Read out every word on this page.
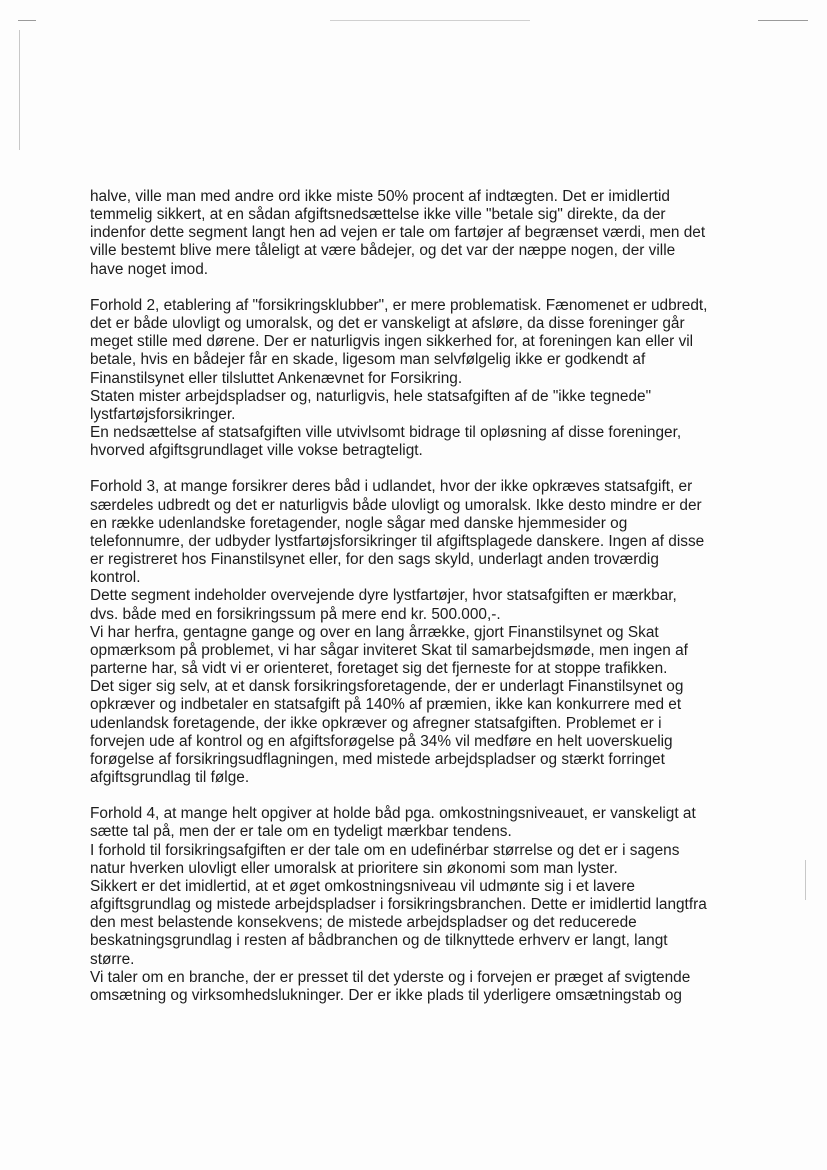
halve, ville man med andre ord ikke miste 50% procent af indtægten. Det er imidlertid
temmelig sikkert, at en sådan afgiftsnedsættelse ikke ville "betale sig" direkte, da der
indenfor dette segment langt hen ad vejen er tale om fartøjer af begrænset værdi, men det
ville bestemt blive mere tåleligt at være bådejer, og det var der næppe nogen, der ville
have noget imod.

Forhold 2, etablering af "forsikringsklubber", er mere problematisk. Fænomenet er udbredt,
det er både ulovligt og umoralsk, og det er vanskeligt at afsløre, da disse foreninger går
meget stille med dørene. Der er naturligvis ingen sikkerhed for, at foreningen kan eller vil
betale, hvis en bådejer får en skade, ligesom man selvfølgelig ikke er godkendt af
Finanstilsynet eller tilsluttet Ankenævnet for Forsikring.
Staten mister arbejdspladser og, naturligvis, hele statsafgiften af de "ikke tegnede"
lystfartøjsforsikringer.
En nedsættelse af statsafgiften ville utvivlsomt bidrage til opløsning af disse foreninger,
hvorved afgiftsgrundlaget ville vokse betragteligt.

Forhold 3, at mange forsikrer deres båd i udlandet, hvor der ikke opkræves statsafgift, er
særdeles udbredt og det er naturligvis både ulovligt og umoralsk. Ikke desto mindre er der
en række udenlandske foretagender, nogle sågar med danske hjemmesider og
telefonnumre, der udbyder lystfartøjsforsikringer til afgiftsplagede danskere. Ingen af disse
er registreret hos Finanstilsynet eller, for den sags skyld, underlagt anden troværdig
kontrol.
Dette segment indeholder overvejende dyre lystfartøjer, hvor statsafgiften er mærkbar,
dvs. både med en forsikringssum på mere end kr. 500.000,-.
Vi har herfra, gentagne gange og over en lang årrække, gjort Finanstilsynet og Skat
opmærksom på problemet, vi har sågar inviteret Skat til samarbejdsmøde, men ingen af
parterne har, så vidt vi er orienteret, foretaget sig det fjerneste for at stoppe trafikken.
Det siger sig selv, at et dansk forsikringsforetagende, der er underlagt Finanstilsynet og
opkræver og indbetaler en statsafgift på 140% af præmien, ikke kan konkurrere med et
udenlandsk foretagende, der ikke opkræver og afregner statsafgiften. Problemet er i
forvejen ude af kontrol og en afgiftsforøgelse på 34% vil medføre en helt uoverskuelig
forøgelse af forsikringsudflagningen, med mistede arbejdspladser og stærkt forringet
afgiftsgrundlag til følge.

Forhold 4, at mange helt opgiver at holde båd pga. omkostningsniveauet, er vanskeligt at
sætte tal på, men der er tale om en tydeligt mærkbar tendens.
I forhold til forsikringsafgiften er der tale om en udefinérbar størrelse og det er i sagens
natur hverken ulovligt eller umoralsk at prioritere sin økonomi som man lyster.
Sikkert er det imidlertid, at et øget omkostningsniveau vil udmønte sig i et lavere
afgiftsgrundlag og mistede arbejdspladser i forsikringsbranchen. Dette er imidlertid langtfra
den mest belastende konsekvens; de mistede arbejdspladser og det reducerede
beskatningsgrundlag i resten af bådbranchen og de tilknyttede erhverv er langt, langt
større.
Vi taler om en branche, der er presset til det yderste og i forvejen er præget af svigtende
omsætning og virksomhedslukninger. Der er ikke plads til yderligere omsætningstab og
